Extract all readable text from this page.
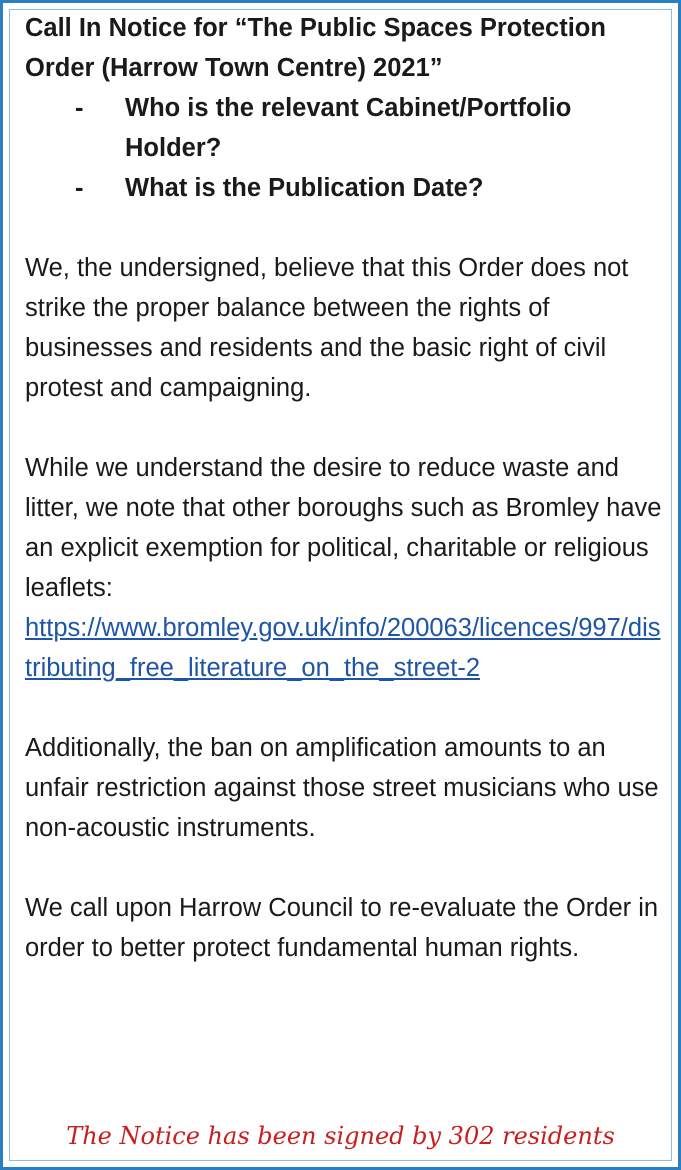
Call In Notice for “The Public Spaces Protection Order (Harrow Town Centre) 2021”
- Who is the relevant Cabinet/Portfolio Holder?
- What is the Publication Date?

We, the undersigned, believe that this Order does not strike the proper balance between the rights of businesses and residents and the basic right of civil protest and campaigning.

While we understand the desire to reduce waste and litter, we note that other boroughs such as Bromley have an explicit exemption for political, charitable or religious leaflets:

https://www.bromley.gov.uk/info/200063/licences/997/distributing_free_literature_on_the_street-2

Additionally, the ban on amplification amounts to an unfair restriction against those street musicians who use non-acoustic instruments.

We call upon Harrow Council to re-evaluate the Order in order to better protect fundamental human rights.

The Notice has been signed by 302 residents
